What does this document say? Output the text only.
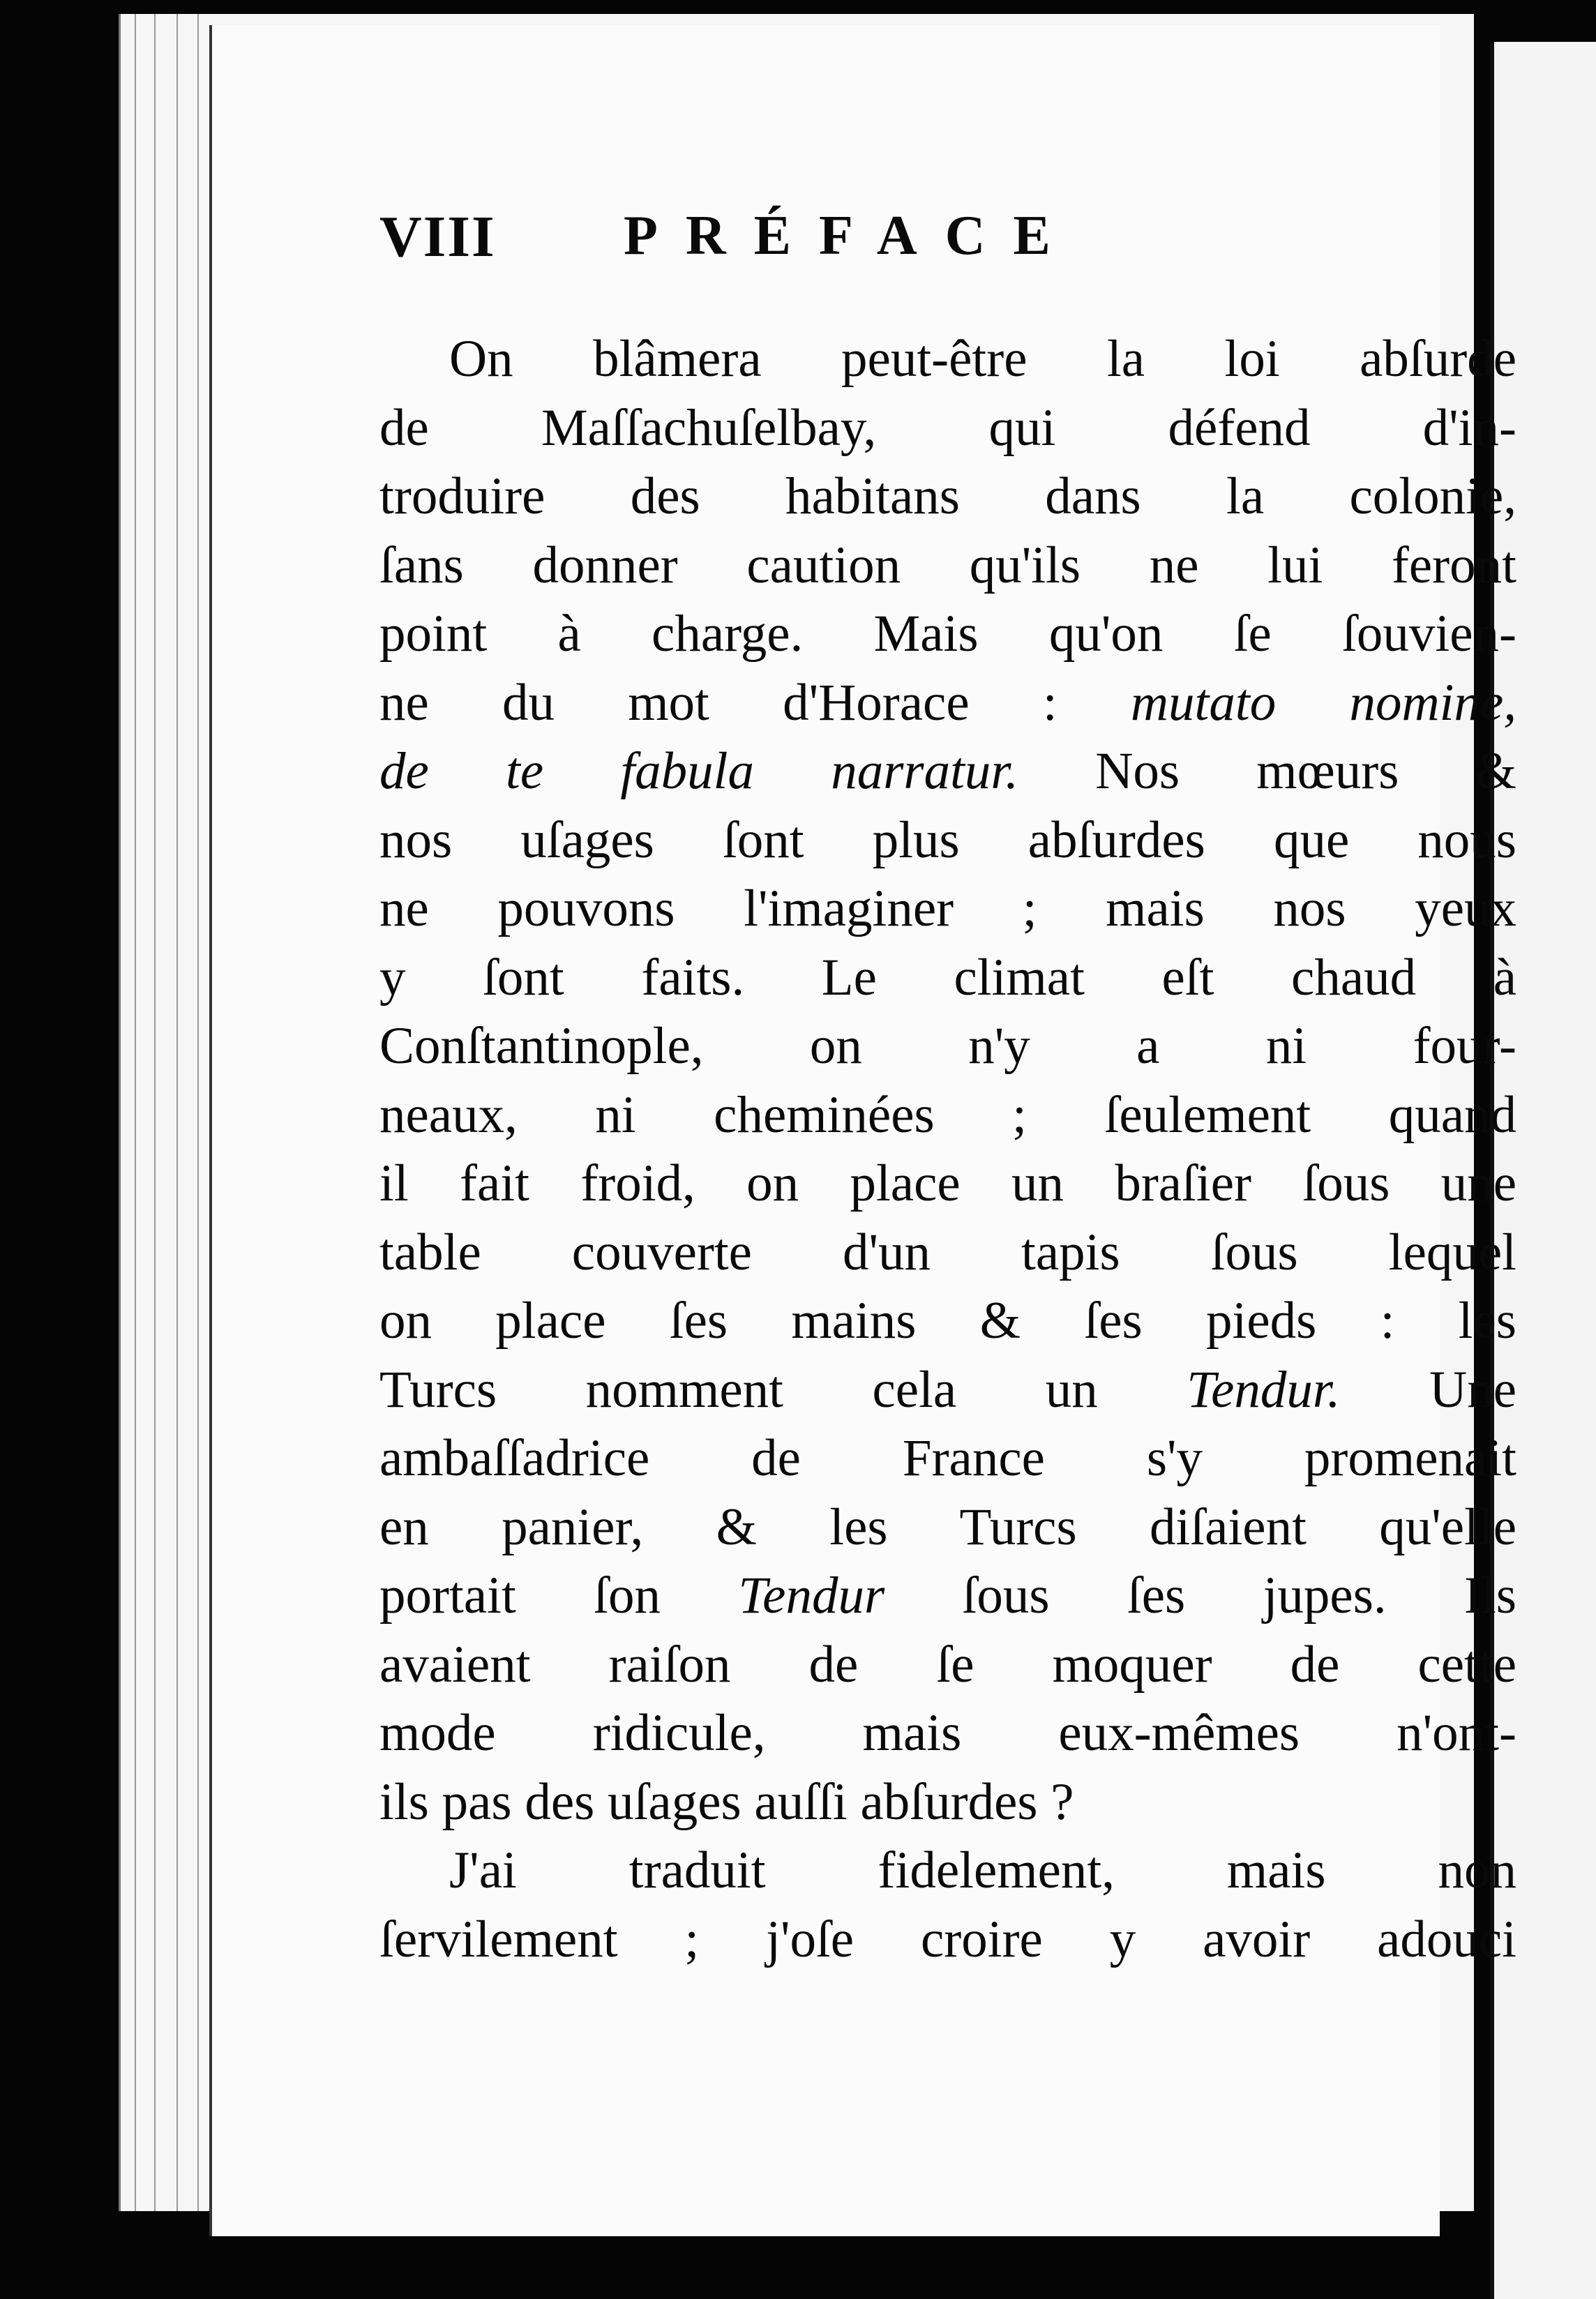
VIII PRÉFACE
On blâmera peut-être la loi abſurde
de Maſſachuſelbay, qui défend d'in-
troduire des habitans dans la colonie,
ſans donner caution qu'ils ne lui feront
point à charge. Mais qu'on ſe ſouvien-
ne du mot d'Horace : mutato nomine,
de te fabula narratur. Nos mœurs &
nos uſages ſont plus abſurdes que nous
ne pouvons l'imaginer ; mais nos yeux
y ſont faits. Le climat eſt chaud à
Conſtantinople, on n'y a ni four-
neaux, ni cheminées ; ſeulement quand
il fait froid, on place un braſier ſous une
table couverte d'un tapis ſous lequel
on place ſes mains & ſes pieds : les
Turcs nomment cela un Tendur. Une
ambaſſadrice de France s'y promenait
en panier, & les Turcs diſaient qu'elle
portait ſon Tendur ſous ſes jupes. Ils
avaient raiſon de ſe moquer de cette
mode ridicule, mais eux-mêmes n'ont-
ils pas des uſages auſſi abſurdes ?
J'ai traduit fidelement, mais non
ſervilement ; j'oſe croire y avoir adouci
